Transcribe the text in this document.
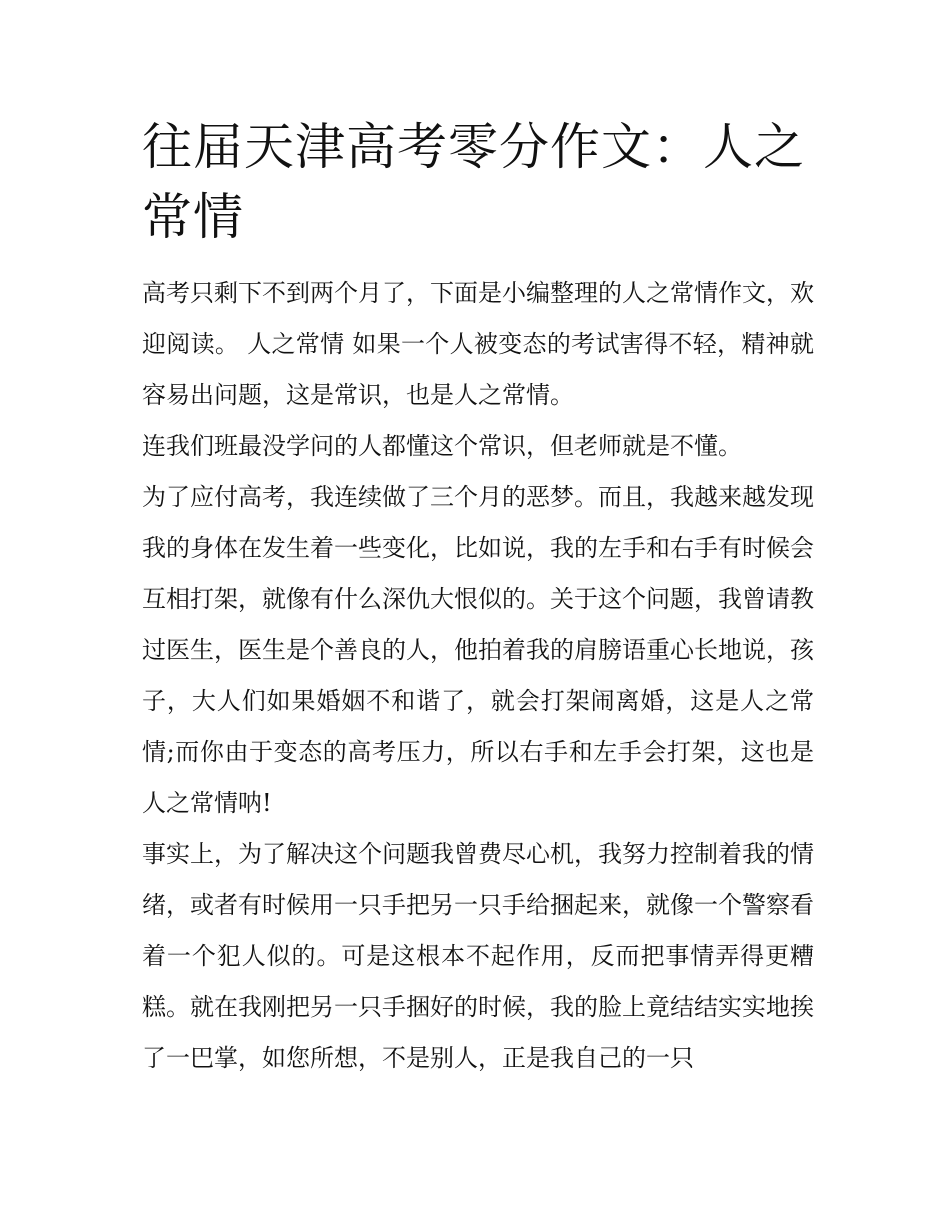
往届天津高考零分作文：人之常情

高考只剩下不到两个月了，下面是小编整理的人之常情作文，欢迎阅读。 人之常情 如果一个人被变态的考试害得不轻，精神就容易出问题，这是常识，也是人之常情。

连我们班最没学问的人都懂这个常识，但老师就是不懂。

为了应付高考，我连续做了三个月的恶梦。而且，我越来越发现我的身体在发生着一些变化，比如说，我的左手和右手有时候会互相打架，就像有什么深仇大恨似的。关于这个问题，我曾请教过医生，医生是个善良的人，他拍着我的肩膀语重心长地说，孩子，大人们如果婚姻不和谐了，就会打架闹离婚，这是人之常情;而你由于变态的高考压力，所以右手和左手会打架，这也是人之常情呐!

事实上，为了解决这个问题我曾费尽心机，我努力控制着我的情绪，或者有时候用一只手把另一只手给捆起来，就像一个警察看着一个犯人似的。可是这根本不起作用，反而把事情弄得更糟糕。就在我刚把另一只手捆好的时候，我的脸上竟结结实实地挨了一巴掌，如您所想，不是别人，正是我自己的一只
